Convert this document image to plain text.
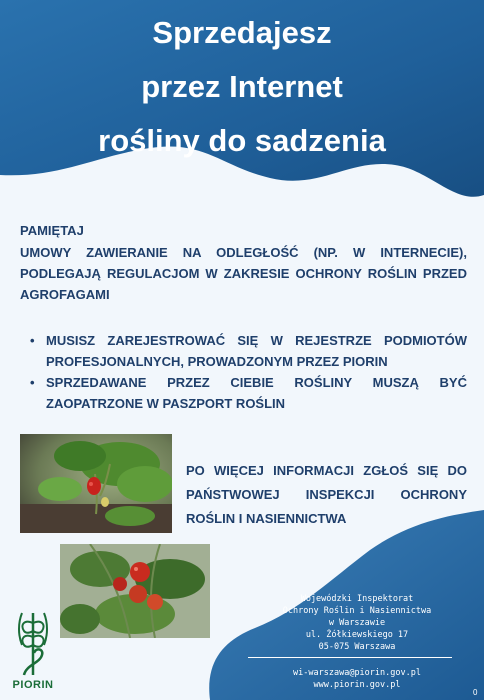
Sprzedajesz
przez Internet
rośliny do sadzenia
PAMIĘTAJ
UMOWY ZAWIERANIE NA ODLEGŁOŚĆ (NP. W INTERNECIE), PODLEGAJĄ REGULACJOM W ZAKRESIE OCHRONY ROŚLIN PRZED AGROFAGAMI
• MUSISZ ZAREJESTROWAĆ SIĘ W REJESTRZE PODMIOTÓW PROFESJONALNYCH, PROWADZONYM PRZEZ PIORIN
• SPRZEDAWANE PRZEZ CIEBIE ROŚLINY MUSZĄ BYĆ ZAOPATRZONE W PASZPORT ROŚLIN
PO WIĘCEJ INFORMACJI ZGŁOŚ SIĘ DO PAŃSTWOWEJ INSPEKCJI OCHRONY ROŚLIN I NASIENNICTWA
PIORIN
Wojewódzki Inspektorat
Ochrony Roślin i Nasiennictwa
w Warszawie
ul. Żółkiewskiego 17
05-075 Warszawa
wi-warszawa@piorin.gov.pl
www.piorin.gov.pl
0
